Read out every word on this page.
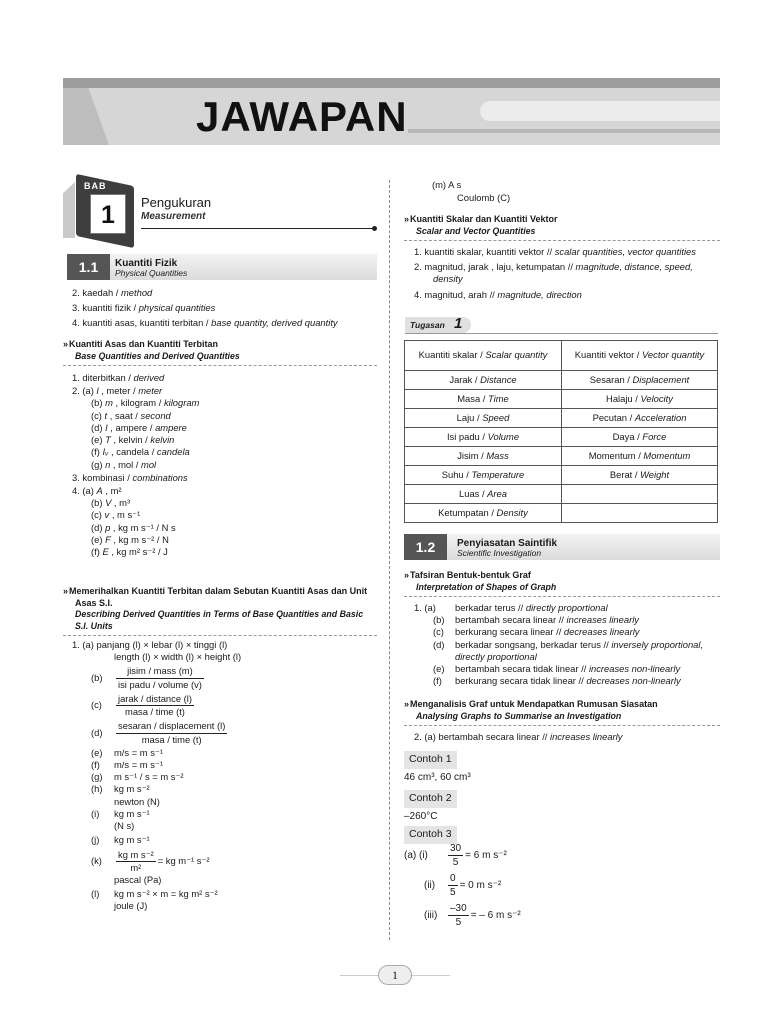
JAWAPAN
BAB
1	Pengukuran
Measurement
1.1	Kuantiti Fizik
Physical Quantities
2. kaedah / method
3. kuantiti fizik / physical quantities
4. kuantiti asas, kuantiti terbitan / base quantity, derived quantity
» Kuantiti Asas dan Kuantiti Terbitan
Base Quantities and Derived Quantities
1. diterbitkan / derived
2. (a) l , meter / meter
(b) m , kilogram / kilogram
(c) t , saat / second
(d) I , ampere / ampere
(e) T , kelvin / kelvin
(f) Iᵥ , candela / candela
(g) n , mol / mol
3. kombinasi / combinations
4. (a) A , m²
(b) V , m³
(c) v , m s⁻¹
(d) p , kg m s⁻¹ / N s
(e) F , kg m s⁻² / N
(f) E , kg m² s⁻² / J
» Memerihalkan Kuantiti Terbitan dalam Sebutan Kuantiti Asas dan Unit Asas S.I.
Describing Derived Quantities in Terms of Base Quantities and Basic S.I. Units
1. (a) panjang (l) × lebar (l) × tinggi (l)
length (l) × width (l) × height (l)
$(b) \frac{\text{jisim / mass (m)}}{\text{isi padu / volume (v)}}$
$(c) \frac{\text{jarak / distance (l)}}{\text{masa / time (t)}}$
$(d) \frac{\text{sesaran / displacement (l)}}{\text{masa / time (t)}}$
(e) m/s = m s⁻¹
(f) m/s = m s⁻¹
(g) m s⁻¹ / s = m s⁻²
(h) kg m s⁻²
newton (N)
(i) kg m s⁻¹
(N s)
(j) kg m s⁻¹
$(k) \frac{\text{kg m s⁻²}}{\text{m²}}$ = kg m⁻¹ s⁻²
pascal (Pa)
(l) kg m s⁻² × m = kg m² s⁻²
joule (J)
(m) A s
Coulomb (C)
» Kuantiti Skalar dan Kuantiti Vektor
Scalar and Vector Quantities
1. kuantiti skalar, kuantiti vektor // scalar quantities, vector quantities
2. magnitud, jarak , laju, ketumpatan // magnitude, distance, speed,
density
4. magnitud, arah // magnitude, direction
Tugasan 1
Kuantiti skalar / Scalar quantity	Kuantiti vektor / Vector quantity
Jarak / Distance	Sesaran / Displacement
Masa / Time	Halaju / Velocity
Laju / Speed	Pecutan / Acceleration
Isi padu / Volume	Daya / Force
Jisim / Mass	Momentum / Momentum
Suhu / Temperature	Berat / Weight
Luas / Area	
Ketumpatan / Density	
1.2	Penyiasatan Saintifik
Scientific Investigation
» Tafsiran Bentuk-bentuk Graf
Interpretation of Shapes of Graph
1. (a) berkadar terus // directly proportional
(b) bertambah secara linear // increases linearly
(c) berkurang secara linear // decreases linearly
(d) berkadar songsang, berkadar terus // inversely proportional,
directly proportional
(e) bertambah secara tidak linear // increases non-linearly
(f) berkurang secara tidak linear // decreases non-linearly
» Menganalisis Graf untuk Mendapatkan Rumusan Siasatan
Analysing Graphs to Summarise an Investigation
2. (a) bertambah secara linear // increases linearly
Contoh 1
46 cm³, 60 cm³
Contoh 2
–260°C
Contoh 3
(a) $(i) \frac{30}{5} = 6$ m s⁻²
$(ii) \frac{0}{5} = 0$ m s⁻²
$(iii) \frac{-30}{5}$ = – 6 m s⁻²
1
